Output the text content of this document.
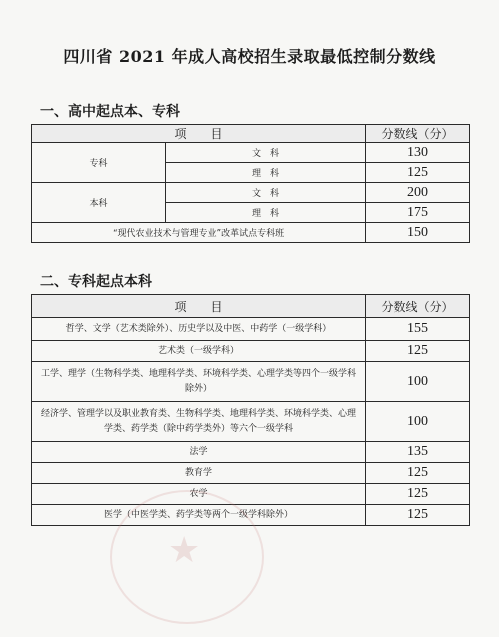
四川省 2021 年成人高校招生录取最低控制分数线
一、高中起点本、专科
项　　目		分数线（分）
专科	文　科	130
	理　科	125
本科	文　科	200
	理　科	175
“现代农业技术与管理专业”改革试点专科班		150
二、专科起点本科
项　　目	分数线（分）
哲学、文学（艺术类除外）、历史学以及中医、中药学（一级学科）	155
艺术类（一级学科）	125
工学、理学（生物科学类、地理科学类、环境科学类、心理学类等四个一级学科除外）	100
经济学、管理学以及职业教育类、生物科学类、地理科学类、环境科学类、心理学类、药学类（除中药学类外）等六个一级学科	100
法学	135
教育学	125
农学	125
医学（中医学类、药学类等两个一级学科除外）	125
★
